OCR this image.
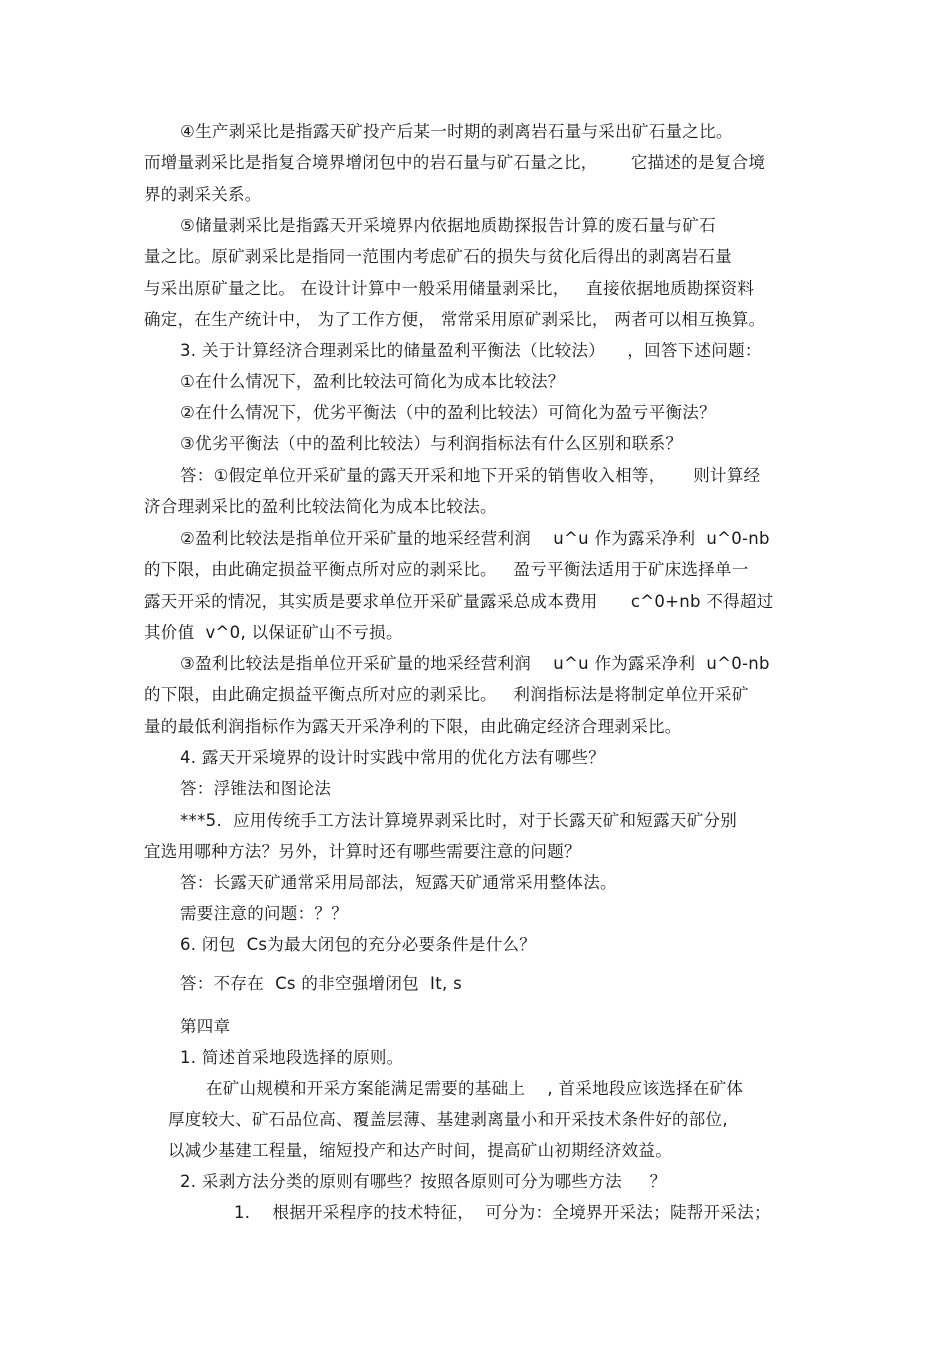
④生产剥采比是指露天矿投产后某一时期的剥离岩石量与采出矿石量之比。
而增量剥采比是指复合境界增闭包中的岩石量与矿石量之比，      它描述的是复合境
界的剥采关系。
⑤储量剥采比是指露天开采境界内依据地质勘探报告计算的废石量与矿石
量之比。原矿剥采比是指同一范围内考虑矿石的损失与贫化后得出的剥离岩石量
与采出原矿量之比。 在设计计算中一般采用储量剥采比，   直接依据地质勘探资料
确定，在生产统计中， 为了工作方便， 常常采用原矿剥采比， 两者可以相互换算。
3. 关于计算经济合理剥采比的储量盈利平衡法（比较法）    ，回答下述问题：
①在什么情况下，盈利比较法可简化为成本比较法？
②在什么情况下，优劣平衡法（中的盈利比较法）可简化为盈亏平衡法？
③优劣平衡法（中的盈利比较法）与利润指标法有什么区别和联系？
答：①假定单位开采矿量的露天开采和地下开采的销售收入相等，     则计算经
济合理剥采比的盈利比较法简化为成本比较法。
②盈利比较法是指单位开采矿量的地采经营利润    u^u 作为露采净利  u^0-nb
的下限，由此确定损益平衡点所对应的剥采比。   盈亏平衡法适用于矿床选择单一
露天开采的情况，其实质是要求单位开采矿量露采总成本费用      c^0+nb 不得超过
其价值  v^0, 以保证矿山不亏损。
③盈利比较法是指单位开采矿量的地采经营利润    u^u 作为露采净利  u^0-nb
的下限，由此确定损益平衡点所对应的剥采比。   利润指标法是将制定单位开采矿
量的最低利润指标作为露天开采净利的下限，由此确定经济合理剥采比。
4. 露天开采境界的设计时实践中常用的优化方法有哪些？
答：浮锥法和图论法
***5.  应用传统手工方法计算境界剥采比时，对于长露天矿和短露天矿分别
宜选用哪种方法？另外，计算时还有哪些需要注意的问题？
答：长露天矿通常采用局部法，短露天矿通常采用整体法。
需要注意的问题：？？
6. 闭包  Cs为最大闭包的充分必要条件是什么？
答：不存在  Cs 的非空强增闭包  It, s
第四章
1. 简述首采地段选择的原则。
在矿山规模和开采方案能满足需要的基础上    , 首采地段应该选择在矿体
厚度较大、矿石品位高、覆盖层薄、基建剥离量小和开采技术条件好的部位,
以减少基建工程量，缩短投产和达产时间，提高矿山初期经济效益。
2. 采剥方法分类的原则有哪些？按照各原则可分为哪些方法     ？
1.    根据开采程序的技术特征，  可分为：全境界开采法；陡帮开采法；
